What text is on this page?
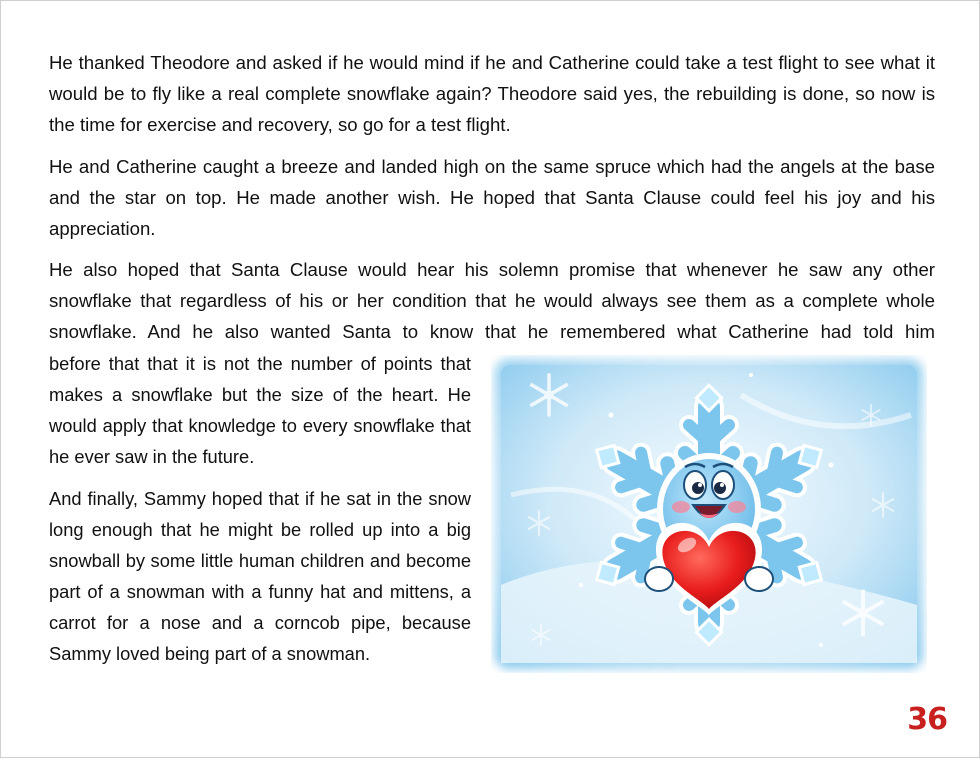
He thanked Theodore and asked if he would mind if he and Catherine could take a test flight to see what it would be to fly like a real complete snowflake again? Theodore said yes, the rebuilding is done, so now is the time for exercise and recovery, so go for a test flight.

He and Catherine caught a breeze and landed high on the same spruce which had the angels at the base and the star on top. He made another wish. He hoped that Santa Clause could feel his joy and his appreciation.

He also hoped that Santa Clause would hear his solemn promise that whenever he saw any other snowflake that regardless of his or her condition that he would always see them as a complete whole snowflake. And he also wanted Santa to know that he remembered what Catherine had told him

before that that it is not the number of points that makes a snowflake but the size of the heart. He would apply that knowledge to every snowflake that he ever saw in the future.

And finally, Sammy hoped that if he sat in the snow long enough that he might be rolled up into a big snowball by some little human children and become part of a snowman with a funny hat and mittens, a carrot for a nose and a corncob pipe, because Sammy loved being part of a snowman.

36
